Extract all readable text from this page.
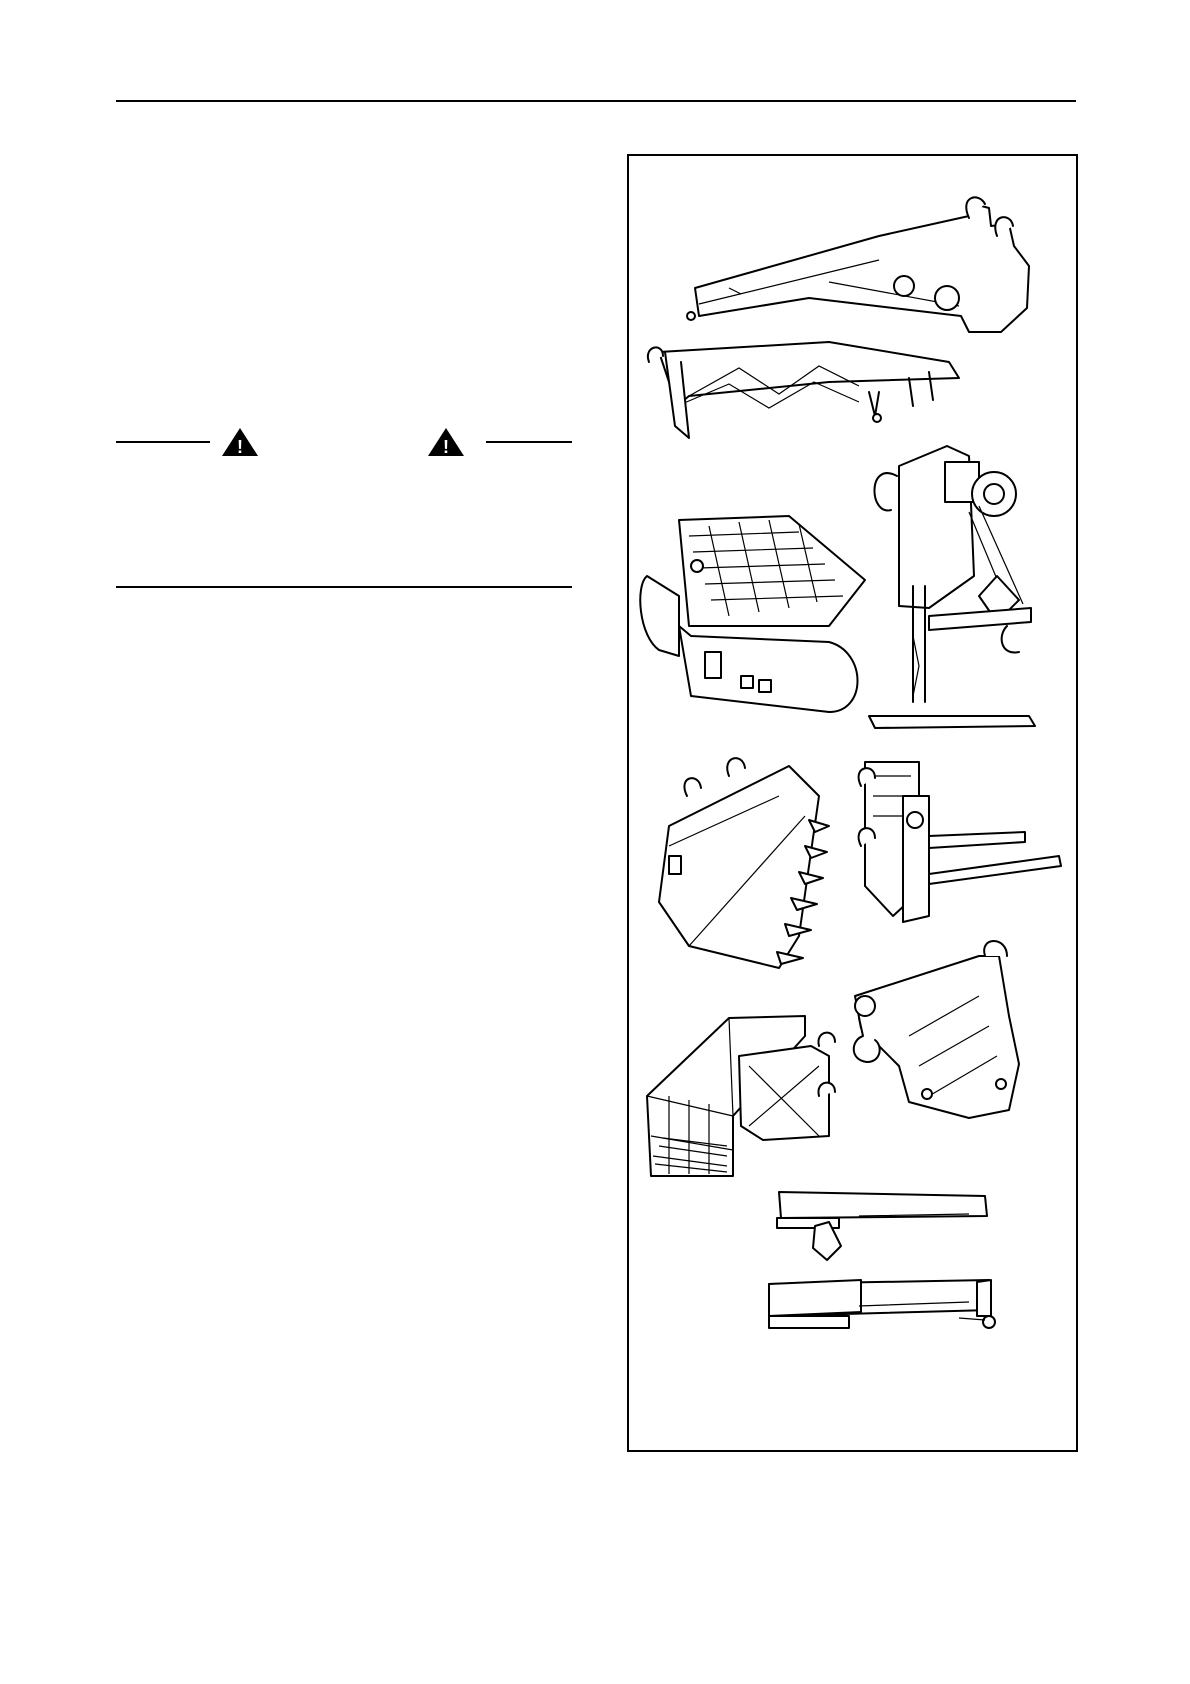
!	!
